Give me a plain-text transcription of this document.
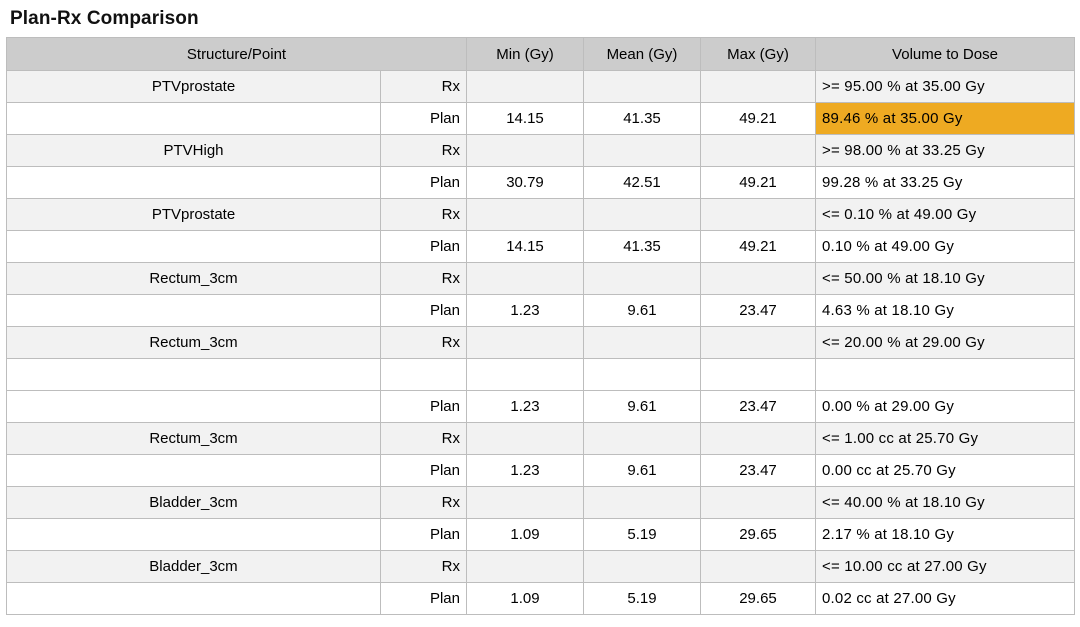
Plan-Rx Comparison
Structure/Point		Min (Gy)	Mean (Gy)	Max (Gy)	Volume to Dose
PTVprostate	Rx				>= 95.00 % at 35.00 Gy
	Plan	14.15	41.35	49.21	89.46 % at 35.00 Gy
PTVHigh	Rx				>= 98.00 % at 33.25 Gy
	Plan	30.79	42.51	49.21	99.28 % at 33.25 Gy
PTVprostate	Rx				<= 0.10 % at 49.00 Gy
	Plan	14.15	41.35	49.21	0.10 % at 49.00 Gy
Rectum_3cm	Rx				<= 50.00 % at 18.10 Gy
	Plan	1.23	9.61	23.47	4.63 % at 18.10 Gy
Rectum_3cm	Rx				<= 20.00 % at 29.00 Gy

	Plan	1.23	9.61	23.47	0.00 % at 29.00 Gy
Rectum_3cm	Rx				<= 1.00 cc at 25.70 Gy
	Plan	1.23	9.61	23.47	0.00 cc at 25.70 Gy
Bladder_3cm	Rx				<= 40.00 % at 18.10 Gy
	Plan	1.09	5.19	29.65	2.17 % at 18.10 Gy
Bladder_3cm	Rx				<= 10.00 cc at 27.00 Gy
	Plan	1.09	5.19	29.65	0.02 cc at 27.00 Gy
